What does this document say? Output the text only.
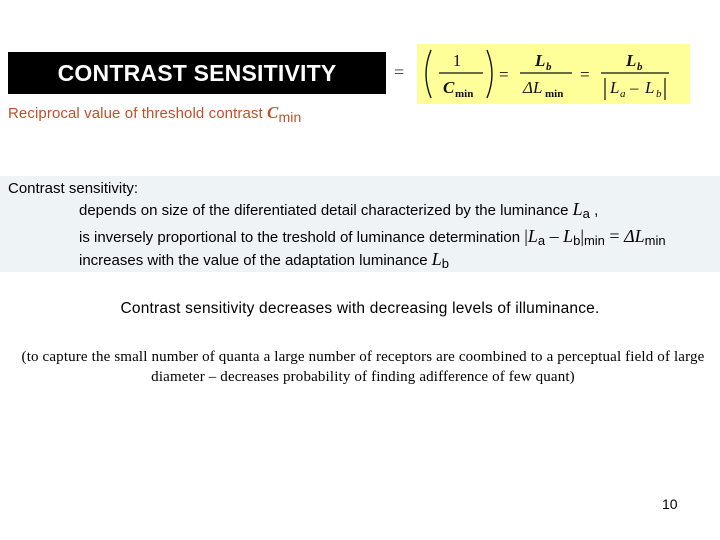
CONTRAST SENSITIVITY	=
1
C min
=
L b
ΔL min
=
L b
L a – L b
Reciprocal value of threshold contrast Cmin
Contrast sensitivity:
depends on size of the diferentiated detail characterized by the luminance La ,
is inversely proportional to the treshold of luminance determination |La – Lb|min = ΔLmin
increases with the value of the adaptation luminance Lb
Contrast sensitivity decreases with decreasing levels of illuminance.
(to capture the small number of quanta a large number of receptors are coombined to a perceptual field of large diameter – decreases probability of finding adifference of few quant)
10
